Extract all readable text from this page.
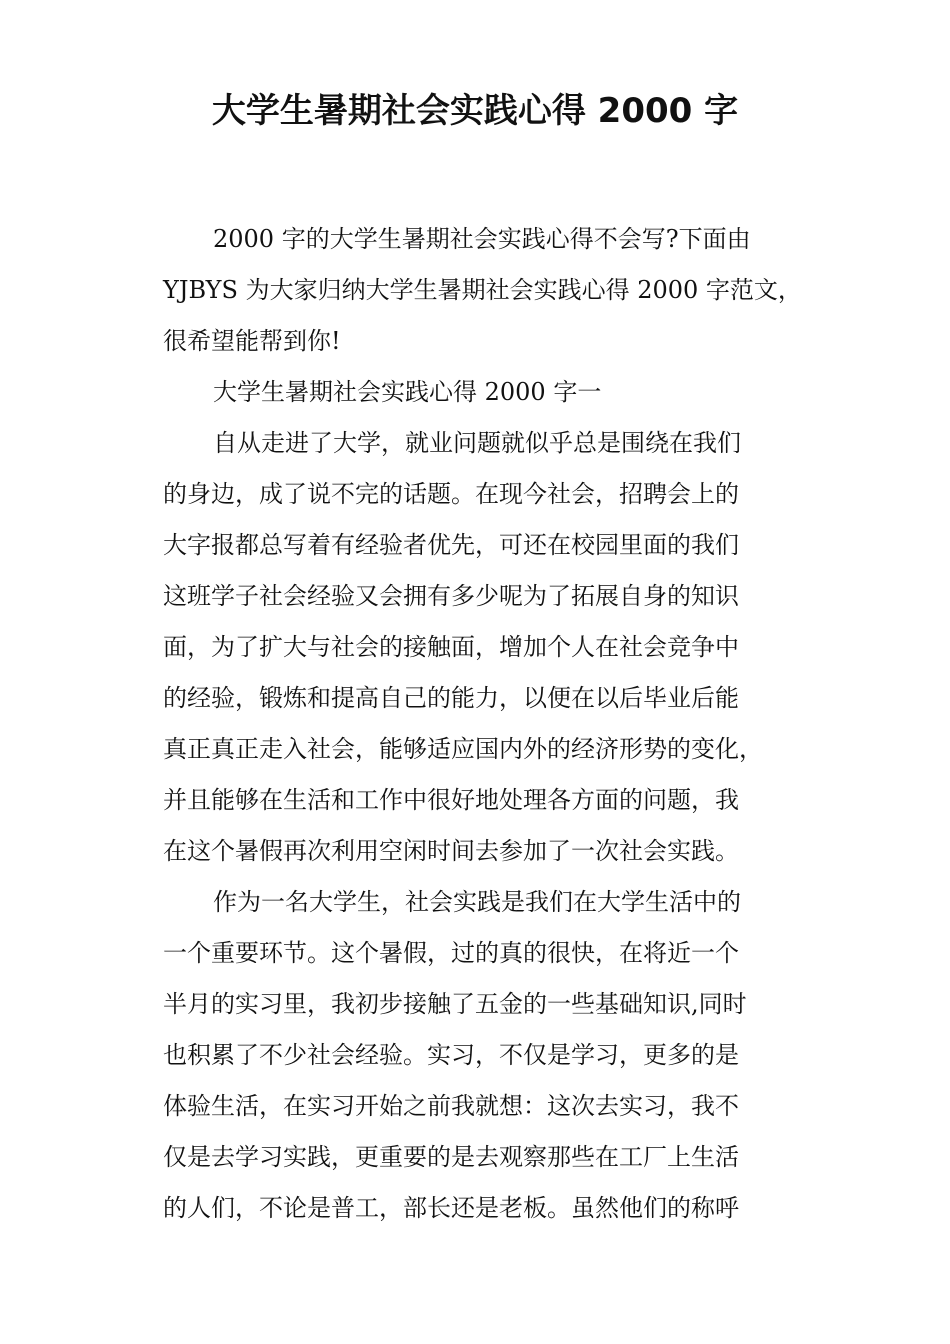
大学生暑期社会实践心得 2000 字
2000 字的大学生暑期社会实践心得不会写?下面由
YJBYS 为大家归纳大学生暑期社会实践心得 2000 字范文，
很希望能帮到你!
大学生暑期社会实践心得 2000 字一
自从走进了大学，就业问题就似乎总是围绕在我们
的身边，成了说不完的话题。在现今社会，招聘会上的
大字报都总写着有经验者优先，可还在校园里面的我们
这班学子社会经验又会拥有多少呢为了拓展自身的知识
面，为了扩大与社会的接触面，增加个人在社会竞争中
的经验，锻炼和提高自己的能力，以便在以后毕业后能
真正真正走入社会，能够适应国内外的经济形势的变化，
并且能够在生活和工作中很好地处理各方面的问题，我
在这个暑假再次利用空闲时间去参加了一次社会实践。
作为一名大学生，社会实践是我们在大学生活中的
一个重要环节。这个暑假，过的真的很快，在将近一个
半月的实习里，我初步接触了五金的一些基础知识,同时
也积累了不少社会经验。实习，不仅是学习，更多的是
体验生活，在实习开始之前我就想：这次去实习，我不
仅是去学习实践，更重要的是去观察那些在工厂上生活
的人们，不论是普工，部长还是老板。虽然他们的称呼
